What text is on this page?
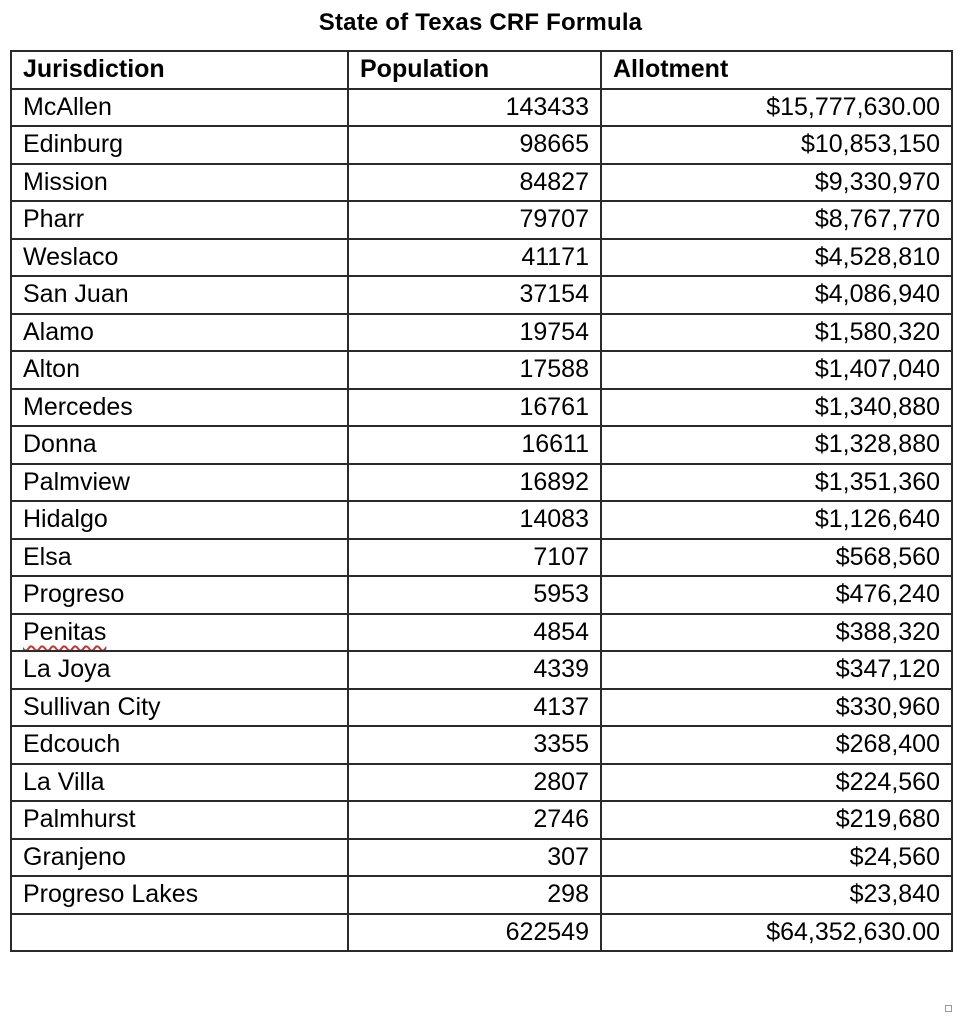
State of Texas CRF Formula
Jurisdiction	Population	Allotment
McAllen	143433	$15,777,630.00
Edinburg	98665	$10,853,150
Mission	84827	$9,330,970
Pharr	79707	$8,767,770
Weslaco	41171	$4,528,810
San Juan	37154	$4,086,940
Alamo	19754	$1,580,320
Alton	17588	$1,407,040
Mercedes	16761	$1,340,880
Donna	16611	$1,328,880
Palmview	16892	$1,351,360
Hidalgo	14083	$1,126,640
Elsa	7107	$568,560
Progreso	5953	$476,240
Penitas	4854	$388,320
La Joya	4339	$347,120
Sullivan City	4137	$330,960
Edcouch	3355	$268,400
La Villa	2807	$224,560
Palmhurst	2746	$219,680
Granjeno	307	$24,560
Progreso Lakes	298	$23,840
	622549	$64,352,630.00
